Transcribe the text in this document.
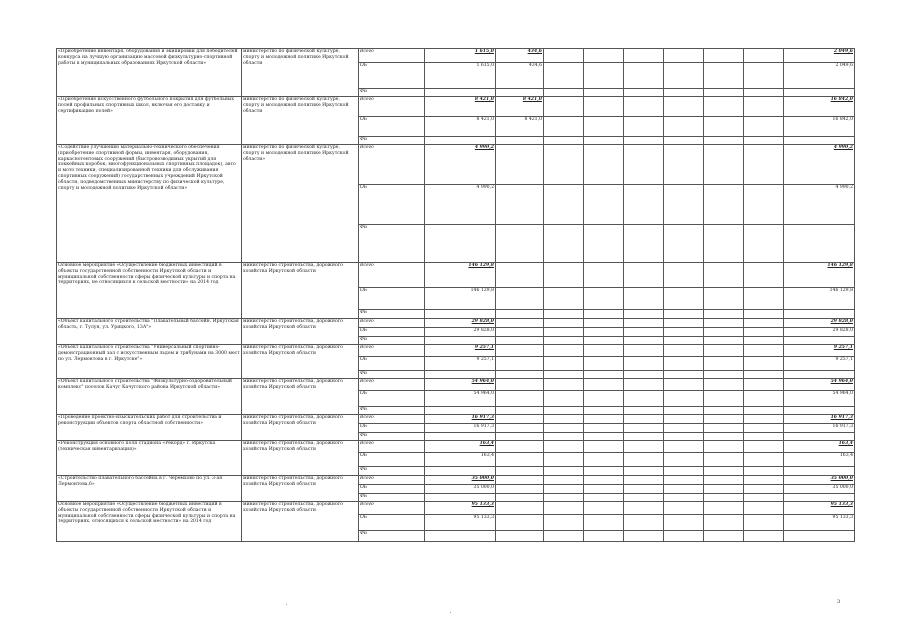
«Приобретение инвентаря, оборудования и экипировки для победителей конкурса на лучшую организацию массовой физкультурно-спортивной работы в муниципальных образованиях Иркутской области»	министерство по физической культуре, спорту и молодежной политике Иркутской области	Всего	1 615,0	434,6							2 049,6
		ОБ	1 615,0	434,6							2 049,6
		ФБ									
«Приобретение искусственного футбольного покрытия для футбольных полей профильных спортивных школ, включая его доставку и сертификацию полей»	министерство по физической культуре, спорту и молодежной политике Иркутской области	Всего	8 421,0	8 421,0							16 842,0
		ОБ	8 421,0	8 421,0							16 842,0
		ФБ									
«Содействие улучшению материально-технического обеспечения (приобретение спортивной формы, инвентаря, оборудования, каркаснотентовых сооружений (быстровозводимых укрытий для хоккейных коробок, многофункциональных спортивных площадок), авто и мото техники, специализированной техники для обслуживания спортивных сооружений) государственных учреждений Иркутской области, подведомственных министерству по физической культуре, спорту и молодежной политике Иркутской области»	министерство по физической культуре, спорту и молодежной политике Иркутской области»	Всего	4 990,2								4 990,2
		ОБ	4 990,2								4 990,2
		ФБ									
Основное мероприятие «Осуществление бюджетных инвестиций в объекты государственной собственности Иркутской области и муниципальной собственности сферы физической культуры и спорта на территориях, не относящихся к сельской местности» на 2014 год	министерство строительства, дорожного хозяйства Иркутской области	Всего	146 129,8								146 129,8
		ОБ	146 129,8								146 129,8
		ФБ									
«Объект капитального строительства "Плавательный бассейн, Иркутская область, г. Тулун, ул. Урицкого, 13А"»	министерство строительства, дорожного хозяйства Иркутской области	Всего	29 828,0								29 828,0
		ОБ	29 828,0								29 828,0
		ФБ									
«Объект капитального строительства "Универсальный спортивно-демонстрационный зал с искусственным льдом и трибунами на 3000 мест по ул. Лермонтова в г. Иркутске"»	министерство строительства, дорожного хозяйства Иркутской области	Всего	9 257,1								9 257,1
		ОБ	9 257,1								9 257,1
		ФБ									
«Объект капитального строительства "Физкультурно-оздоровительный комплекс" поселок Качуг Качугского района Иркутской области»	министерство строительства, дорожного хозяйства Иркутской области	Всего	54 964,0								54 964,0
		ОБ	54 964,0								54 964,0
		ФБ									
«Проведение проектно-изыскательских работ для строительства и реконструкции объектов спорта областной собственности»	министерство строительства, дорожного хозяйства Иркутской области	Всего	16 917,3								16 917,3
		ОБ	16 917,3								16 917,3
		ФБ									
«Реконструкция основного поля стадиона «Рекорд» г. Иркутска (техническая инвентаризация)»	министерство строительства, дорожного хозяйства Иркутской области	Всего	163,4								163,4
		ОБ	163,4								163,4
		ФБ									
«Строительство плавательного бассейна в г. Черемхово по ул. 3-ая Лермонтова,6»	министерство строительства, дорожного хозяйства Иркутской области	Всего	35 000,0								35 000,0
		ОБ	35 000,0								35 000,0
		ФБ									
Основное мероприятие «Осуществление бюджетных инвестиций в объекты государственной собственности Иркутской области и муниципальной собственности сферы физической культуры и спорта на территориях, относящихся к сельской местности» на 2014 год	министерство строительства, дорожного хозяйства Иркутской области	Всего	95 133,3								95 133,3
		ОБ	95 133,3								95 133,3
		ФБ									
3
